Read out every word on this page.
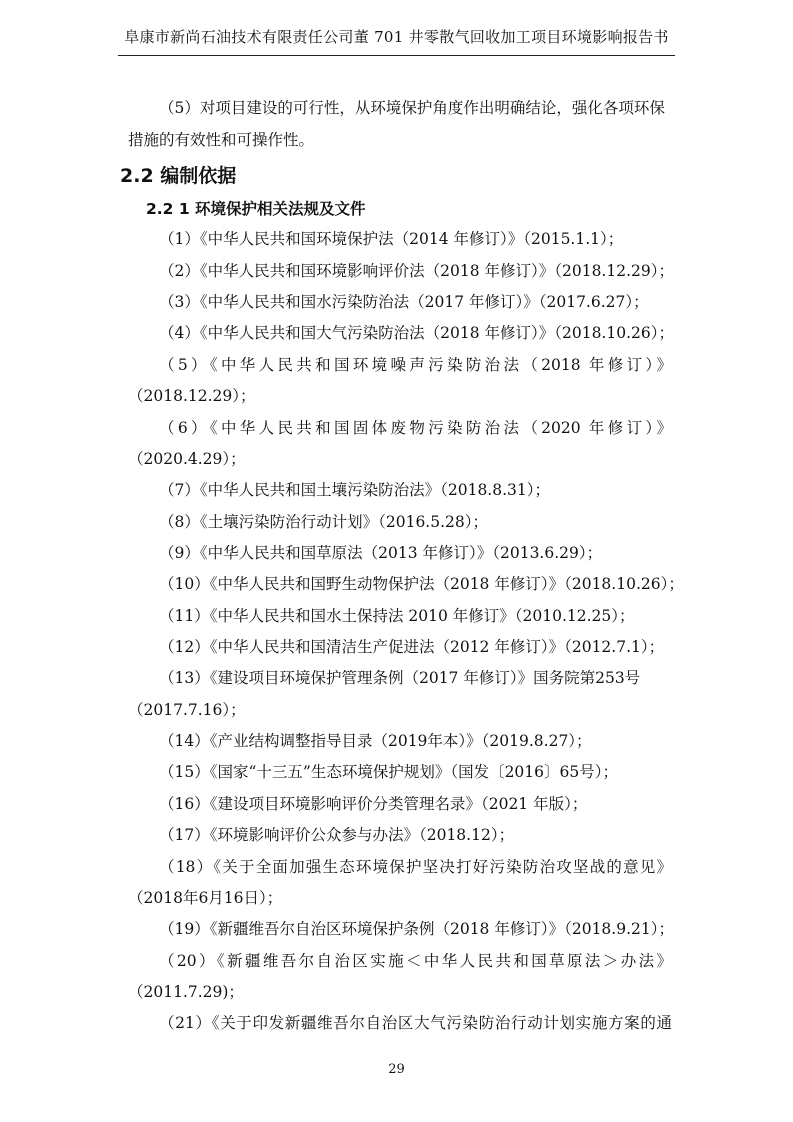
阜康市新尚石油技术有限责任公司董 701 井零散气回收加工项目环境影响报告书
（5）对项目建设的可行性，从环境保护角度作出明确结论，强化各项环保
措施的有效性和可操作性。
2.2 编制依据
2.2 1 环境保护相关法规及文件
（1）《中华人民共和国环境保护法（2014 年修订）》（2015.1.1）；
（2）《中华人民共和国环境影响评价法（2018 年修订）》（2018.12.29）；
（3）《中华人民共和国水污染防治法（2017 年修订）》（2017.6.27）；
（4）《中华人民共和国大气污染防治法（2018 年修订）》（2018.10.26）；
（5）《中华人民共和国环境噪声污染防治法（2018 年修订）》
（2018.12.29）；
（6）《中华人民共和国固体废物污染防治法（2020 年修订）》
（2020.4.29）；
（7）《中华人民共和国土壤污染防治法》（2018.8.31）；
（8）《土壤污染防治行动计划》（2016.5.28）；
（9）《中华人民共和国草原法（2013 年修订）》（2013.6.29）；
（10）《中华人民共和国野生动物保护法（2018 年修订）》（2018.10.26）；
（11）《中华人民共和国水土保持法 2010 年修订》（2010.12.25）；
（12）《中华人民共和国清洁生产促进法（2012 年修订）》（2012.7.1）；
（13）《建设项目环境保护管理条例（2017 年修订）》国务院第253号
（2017.7.16）；
（14）《产业结构调整指导目录（2019年本）》（2019.8.27）；
（15）《国家“十三五”生态环境保护规划》（国发〔2016〕65号）；
（16）《建设项目环境影响评价分类管理名录》（2021 年版）；
（17）《环境影响评价公众参与办法》（2018.12）；
（18）《关于全面加强生态环境保护坚决打好污染防治攻坚战的意见》
（2018年6月16日）；
（19）《新疆维吾尔自治区环境保护条例（2018 年修订）》（2018.9.21）；
（20）《新疆维吾尔自治区实施＜中华人民共和国草原法＞办法》
（2011.7.29)；
（21）《关于印发新疆维吾尔自治区大气污染防治行动计划实施方案的通
29
